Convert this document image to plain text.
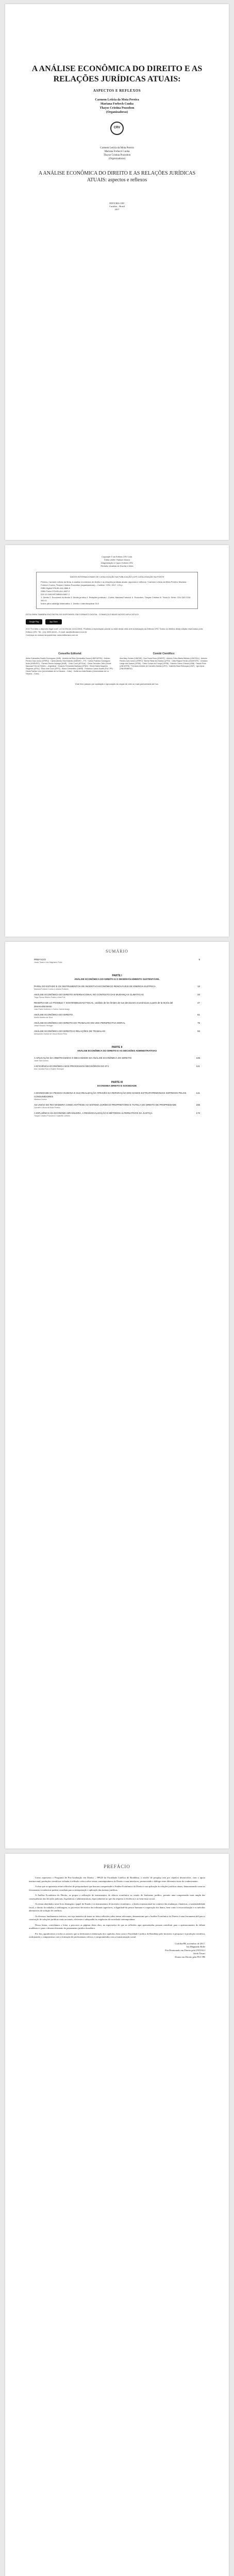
A ANÁLISE ECONÔMICA DO DIREITO E AS RELAÇÕES JURÍDICAS ATUAIS:
ASPECTOS E REFLEXOS
Carmem Letícia da Mota Pereira
Mariana Forbech Cunha
Thayse Cristina Pozzobon
(Organizadoras)
CRV
Carmem Letícia da Mota Pereira
Mariana Forbech Cunha
Thayse Cristina Pozzobon
(Organizadoras)
A ANÁLISE ECONÔMICA DO DIREITO E AS RELAÇÕES JURÍDICAS ATUAIS: aspectos e reflexos
EDITORA CRV
Curitiba – Brasil
2017
Copyright © da Editora CRV Ltda.
Editor-chefe: Railson Moura
Diagramação e Capa: Editora CRV
Revisão: Analista de Escrita e Artes
DADOS INTERNACIONAIS DE CATALOGAÇÃO NA PUBLICAÇÃO (CIP) CATALOGAÇÃO NA FONTE

Pereira, Carmem Letícia da Mota. A análise econômica do direito e as relações jurídicas atuais: aspectos e reflexos / Carmem Letícia da Mota Pereira, Mariana Forbech Cunha, Thayse Cristina Pozzobon (organizadoras) – Curitiba : CRV, 2017. 176 p.

ISBN Digital 978-85-444-1866-5

ISBN Físico 978-85-444-1867-2

DOI 10.24824/978854441867.2

1. Direito 2. Economia do direito 3. Direito jurídico 4. Relações jurídicas I. Cunha, Mariana Forbech. II. Pozzobon, Thayse Cristina III. Título IV. Série. CDU 340 CDD 340.11

Índice para catálogo sistemático 1. Direito e interdisciplinar 34.0

ESTA OBRA TAMBÉM ENCONTRA-SE DISPONÍVEL EM FORMATO DIGITAL. CONHEÇA E BAIXE NOSSO APLICATIVO!

Google Play	App Store

2017 Foi feito o depósito legal conf. Lei 10.994 de 14/12/2004. Proibida a reprodução parcial ou total desta obra sem autorização da Editora CRV. Todos os direitos desta edição reservados pela: Editora CRV. Tel.: (41) 3039-6418 – E-mail: sac@editoracrv.com.br

Conheça os nossos lançamentos: www.editoracrv.com.br

Conselho Editorial:

Aldira Guimarães Duarte Domínguez (UNB) · Andréia da Silva Quintanilha Sousa (UNIR/UFRN) · Antônio Pereira Gaio Júnior (UFRRJ) · Carlos Alberto Vilar Estêvão (UMINHO – PT) · Carlos Federico Dominguez Avila (UNIEURO) · Carmen Tereza Velanga (UNIR) · Celso Conti (UFSCar) · Cesar Gerónimo Tello (Univer. Nacional Três de Febrero – Argentina) · Eduardo Fernandes Barbosa (UFMG) · Elione Maria Nogueira Diogenes (UFAL) · Élsio José Corá (UFFS) · Elizeu Clementino (UNEB) · Francisco Carlos Duarte (PUC-PR) · Gloria Fariñas León (Universidade de La Havana – Cuba) · Guillermo Arias Beatón (Universidade de La Havana – Cuba)

Comitê Científico:

Ana Mary Gomes (UNIPAR) · Ana Paula Rosa (UNIESP) · Antônio Celso Baeta Minhoto (UNICSUL) · Antonio Pereira Gaio Júnior (UFRRJ) · Brena Ribas dos Santos (UFRJ) · Célia Regina Ferrari (UNIOESTE) · Cristiano Lange dos Santos (UFSM) · Fábio Gomes de França (UFRN) · Fabricio Carlos Chiossi (UNB) · Fausto Pinto (UNIVATES) · Fernando Antônio de Carvalho Dantas (UFG) · Gabriela Maia Rebouças (UNIT) · Igor Ajouz (UNIGRANRIO)

Este livro passou por avaliação e aprovação às cegas de dois ou mais pareceristas ad hoc.

SUMÁRIO
PREFÁCIO	9
Jacob Tiwari e Isis Magnardo Robe
PARTE I
ANÁLISE ECONÔMICA DO DIREITO E O DESENVOLVIMENTO SUSTENTÁVEL
PAPEL DO ESTADO E OS INSTRUMENTOS DE INCENTIVO ECONÔMICO RENOVÁVEIS DE ENERGIA ELÉTRICA	13
Mariana Forbech Cunha e Juliana Forbech
ANÁLISE ECONÔMICA DO DIREITO INTERNACIONAL NO CONTEXTO DAS MUDANÇAS CLIMÁTICAS	33
Tiago Penna Ribeiro Prates e Ariel Poli
RESERVA DE LO POSIBLE Y SOSTENIBILIDAD FISCAL: análisis de los límites de sus decisiones económicas a partir de la teoría del desenvolvimiento
47
Juan Pablo Gutiérrez e Carlos Cabral Araújo
ANÁLISE ECONÔMICA DO DIREITO	61
Adolfo Martins da Silva
ANÁLISE ECONÔMICA DO DIREITO DO TRABALHO EM UMA PERSPECTIVA MORAL	75
Jessé Honorio Heringer
ANÁLISE ECONÔMICA DO DIREITO E RELAÇÕES DE TRABALHO	93
Alessandra Santos de Jesus Moura Pinto
PARTE II
ANÁLISE ECONÔMICA DO DIREITO E AS DECISÕES ADMINISTRATIVAS
A APLICAÇÃO DA ARBITRAGEM E O MECANISMO DA ANÁLISE ECONÔMICA DO DIREITO	105
Janer Sali Gomes
A EFICIÊNCIA ECONÔMICA NOS PROCESSOS DECISÓRIOS DO STJ	121
Ana Carolina Ruiz e Duarte Henrique
PARTE III
ECONOMIA DIREITO E SOCIEDADE
A DIGNIDADE DA PESSOA HUMANA E SUA REALIZAÇÃO ATRAVÉS DA REPARAÇÃO DOS DANOS EXTRAPATRIMONIAIS SOFRIDOS PELOS CONSUMIDORES
141
Mariana Gomes
AS UNIÃO DO RIO MADEIRA COMO ANTÍTESE AO SISTEMA JURÍDICO-PROPRIETÁRIO E TUTELA DO DIREITO DE PROPRIEDADE	155
Carmem Letícia da Mota Pereira
A INFLUÊNCIA DA ECONOMIA BRASILEIRA, A RESSOCIALIZAÇÃO E MÉTODOS ALTERNATIVOS DA JUSTIÇA	173
Thayse Cristina Pozzobon e Isabelle Lofrano
PREFÁCIO

Como representa o Programa de Pós-Graduação em Direito – PPGD da Faculdade Católica de Rondônia, o núcleo de pesquisa tem por objetivo desenvolver, com o apoio institucional, produções científicas voltadas à reflexão crítica sobre temas contemporâneos do Direito e suas interfaces, promovendo o diálogo entre diferentes áreas do conhecimento.

A obra que se apresenta reúne reflexões de pesquisadores que buscam compreender a Análise Econômica do Direito e sua aplicação às relações jurídicas atuais, demonstrando como as ferramentas econômicas podem contribuir para a interpretação e aplicação das normas jurídicas.

A Análise Econômica do Direito, ao propor a utilização de instrumentos da ciência econômica no estudo do fenômeno jurídico, permite uma compreensão mais ampla das consequências das decisões judiciais, legislativas e administrativas, especialmente no que diz respeito à eficiência e ao bem-estar social.

Os temas abordados neste livro abrangem o papel do Estado e os instrumentos de incentivo econômico, o direito internacional no contexto das mudanças climáticas, a sustentabilidade fiscal, o direito do trabalho, a arbitragem, os processos decisórios dos tribunais superiores, a dignidade da pessoa humana e a reparação dos danos, bem como a ressocialização e os métodos alternativos de solução de conflitos.

Os diversos fundamentos teóricos, em cuja tentativa de trazer ao leitor reflexões sobre temas relevantes, demonstram que a Análise Econômica do Direito é uma ferramenta útil para a construção de soluções jurídicas mais racionais, eficientes e adequadas às exigências da sociedade contemporânea.

Dessa forma, convidamos o leitor a percorrer as páginas desta obra, na expectativa de que as reflexões aqui apresentadas possam contribuir para o aprimoramento do debate acadêmico e para o desenvolvimento do pensamento jurídico brasileiro.

Por fim, agradecemos a todos os autores que se dedicaram à elaboração dos capítulos, bem como à Faculdade Católica de Rondônia pelo incentivo à pesquisa e à produção científica, reafirmando o compromisso com a formação de profissionais críticos e comprometidos com a transformação social.

Curitiba/PR, novembro de 2017.
Isis Magnardo Robe
Pós-Doutorando em Direito pela UNIVALI
Jacob Tiwari
Doutor em Direito pela PUC-PR
